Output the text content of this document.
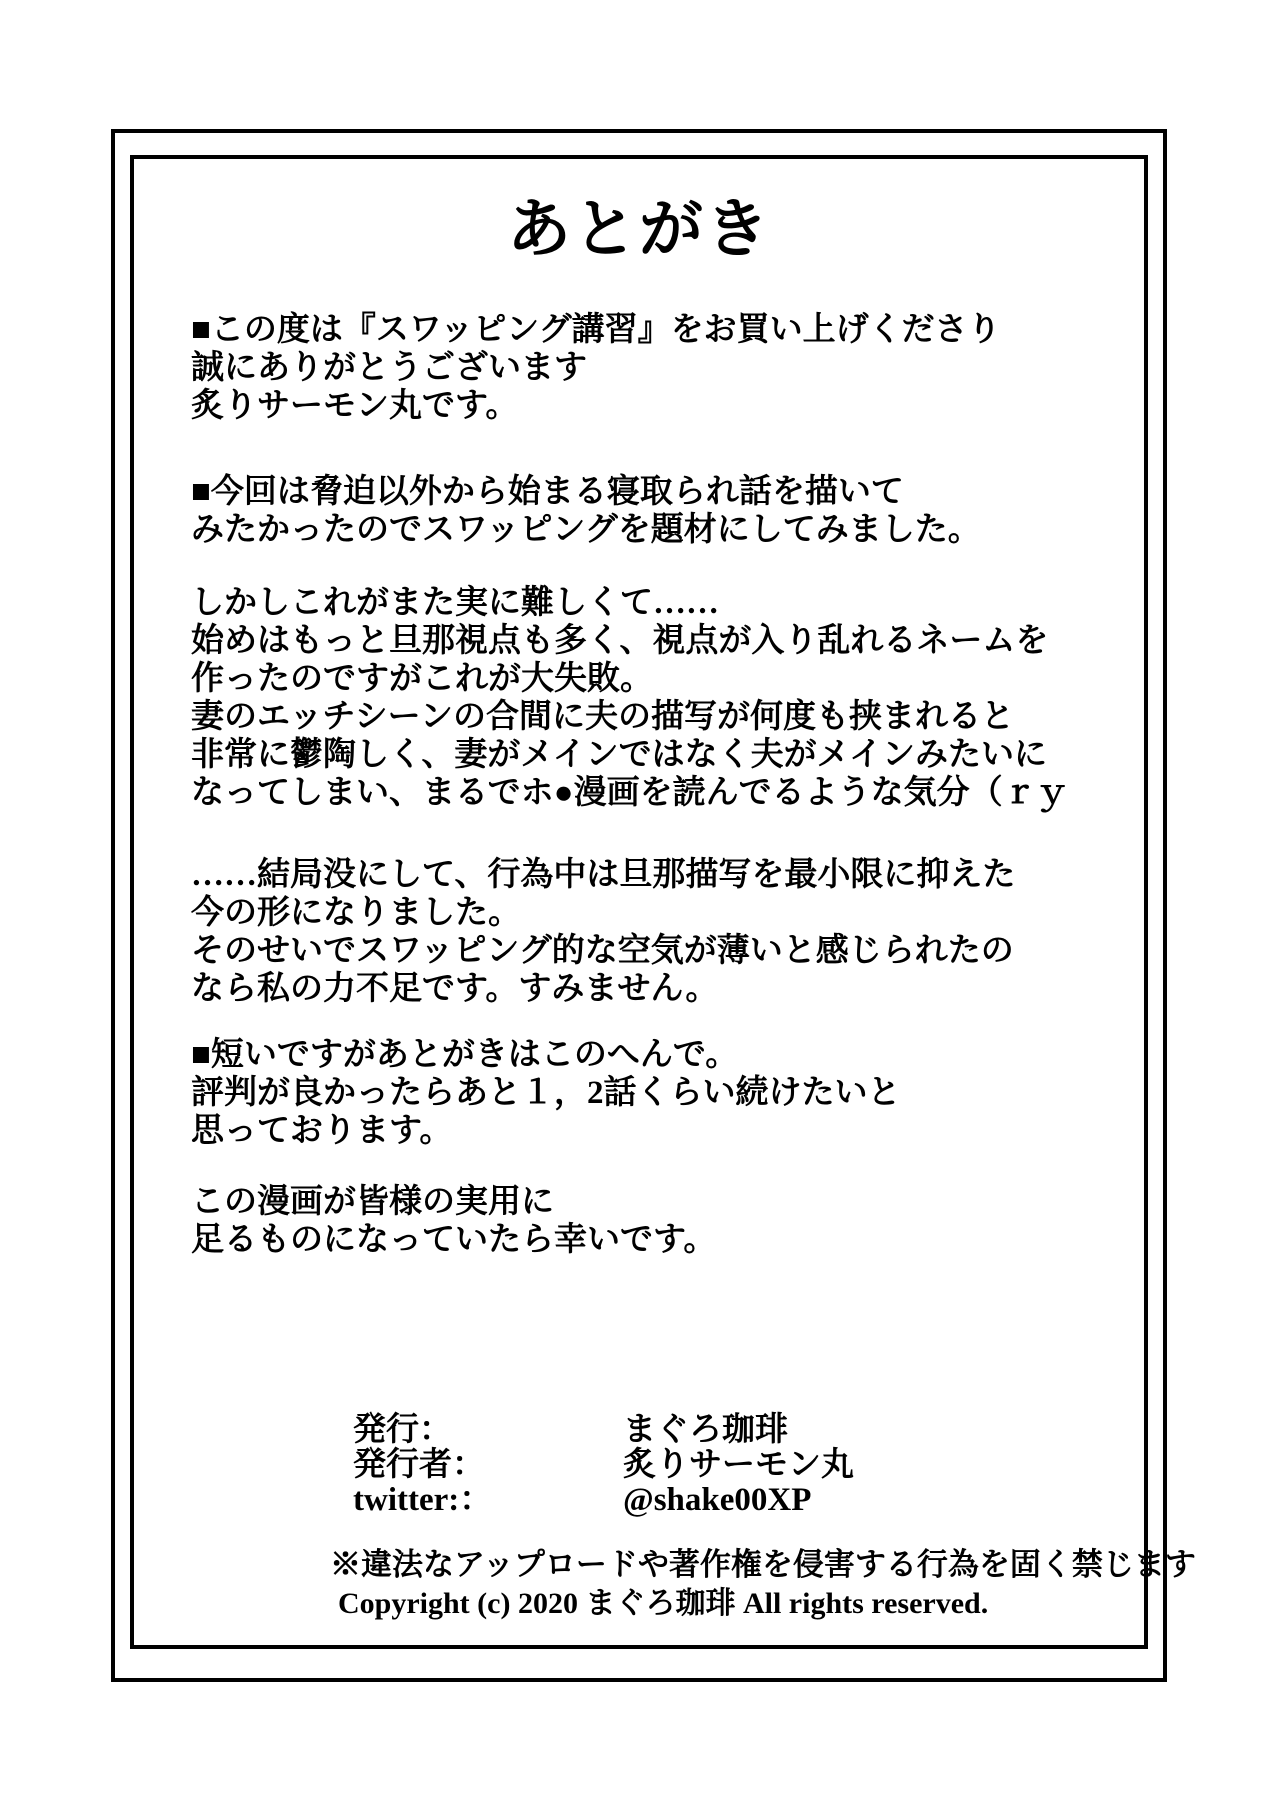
あとがき
■この度は『スワッピング講習』をお買い上げくださり
誠にありがとうございます
炙りサーモン丸です。
■今回は脅迫以外から始まる寝取られ話を描いて
みたかったのでスワッピングを題材にしてみました。
しかしこれがまた実に難しくて……
始めはもっと旦那視点も多く、視点が入り乱れるネームを
作ったのですがこれが大失敗。
妻のエッチシーンの合間に夫の描写が何度も挟まれると
非常に鬱陶しく、妻がメインではなく夫がメインみたいに
なってしまい、まるでホ●漫画を読んでるような気分（ｒｙ
……結局没にして、行為中は旦那描写を最小限に抑えた
今の形になりました。
そのせいでスワッピング的な空気が薄いと感じられたの
なら私の力不足です。すみません。
■短いですがあとがきはこのへんで。
評判が良かったらあと１，2話くらい続けたいと
思っております。
この漫画が皆様の実用に
足るものになっていたら幸いです。
発行：	まぐろ珈琲
発行者：	炙りサーモン丸
twitter:：	@shake00XP
※違法なアップロードや著作権を侵害する行為を固く禁じます
Copyright (c) 2020 まぐろ珈琲 All rights reserved.
